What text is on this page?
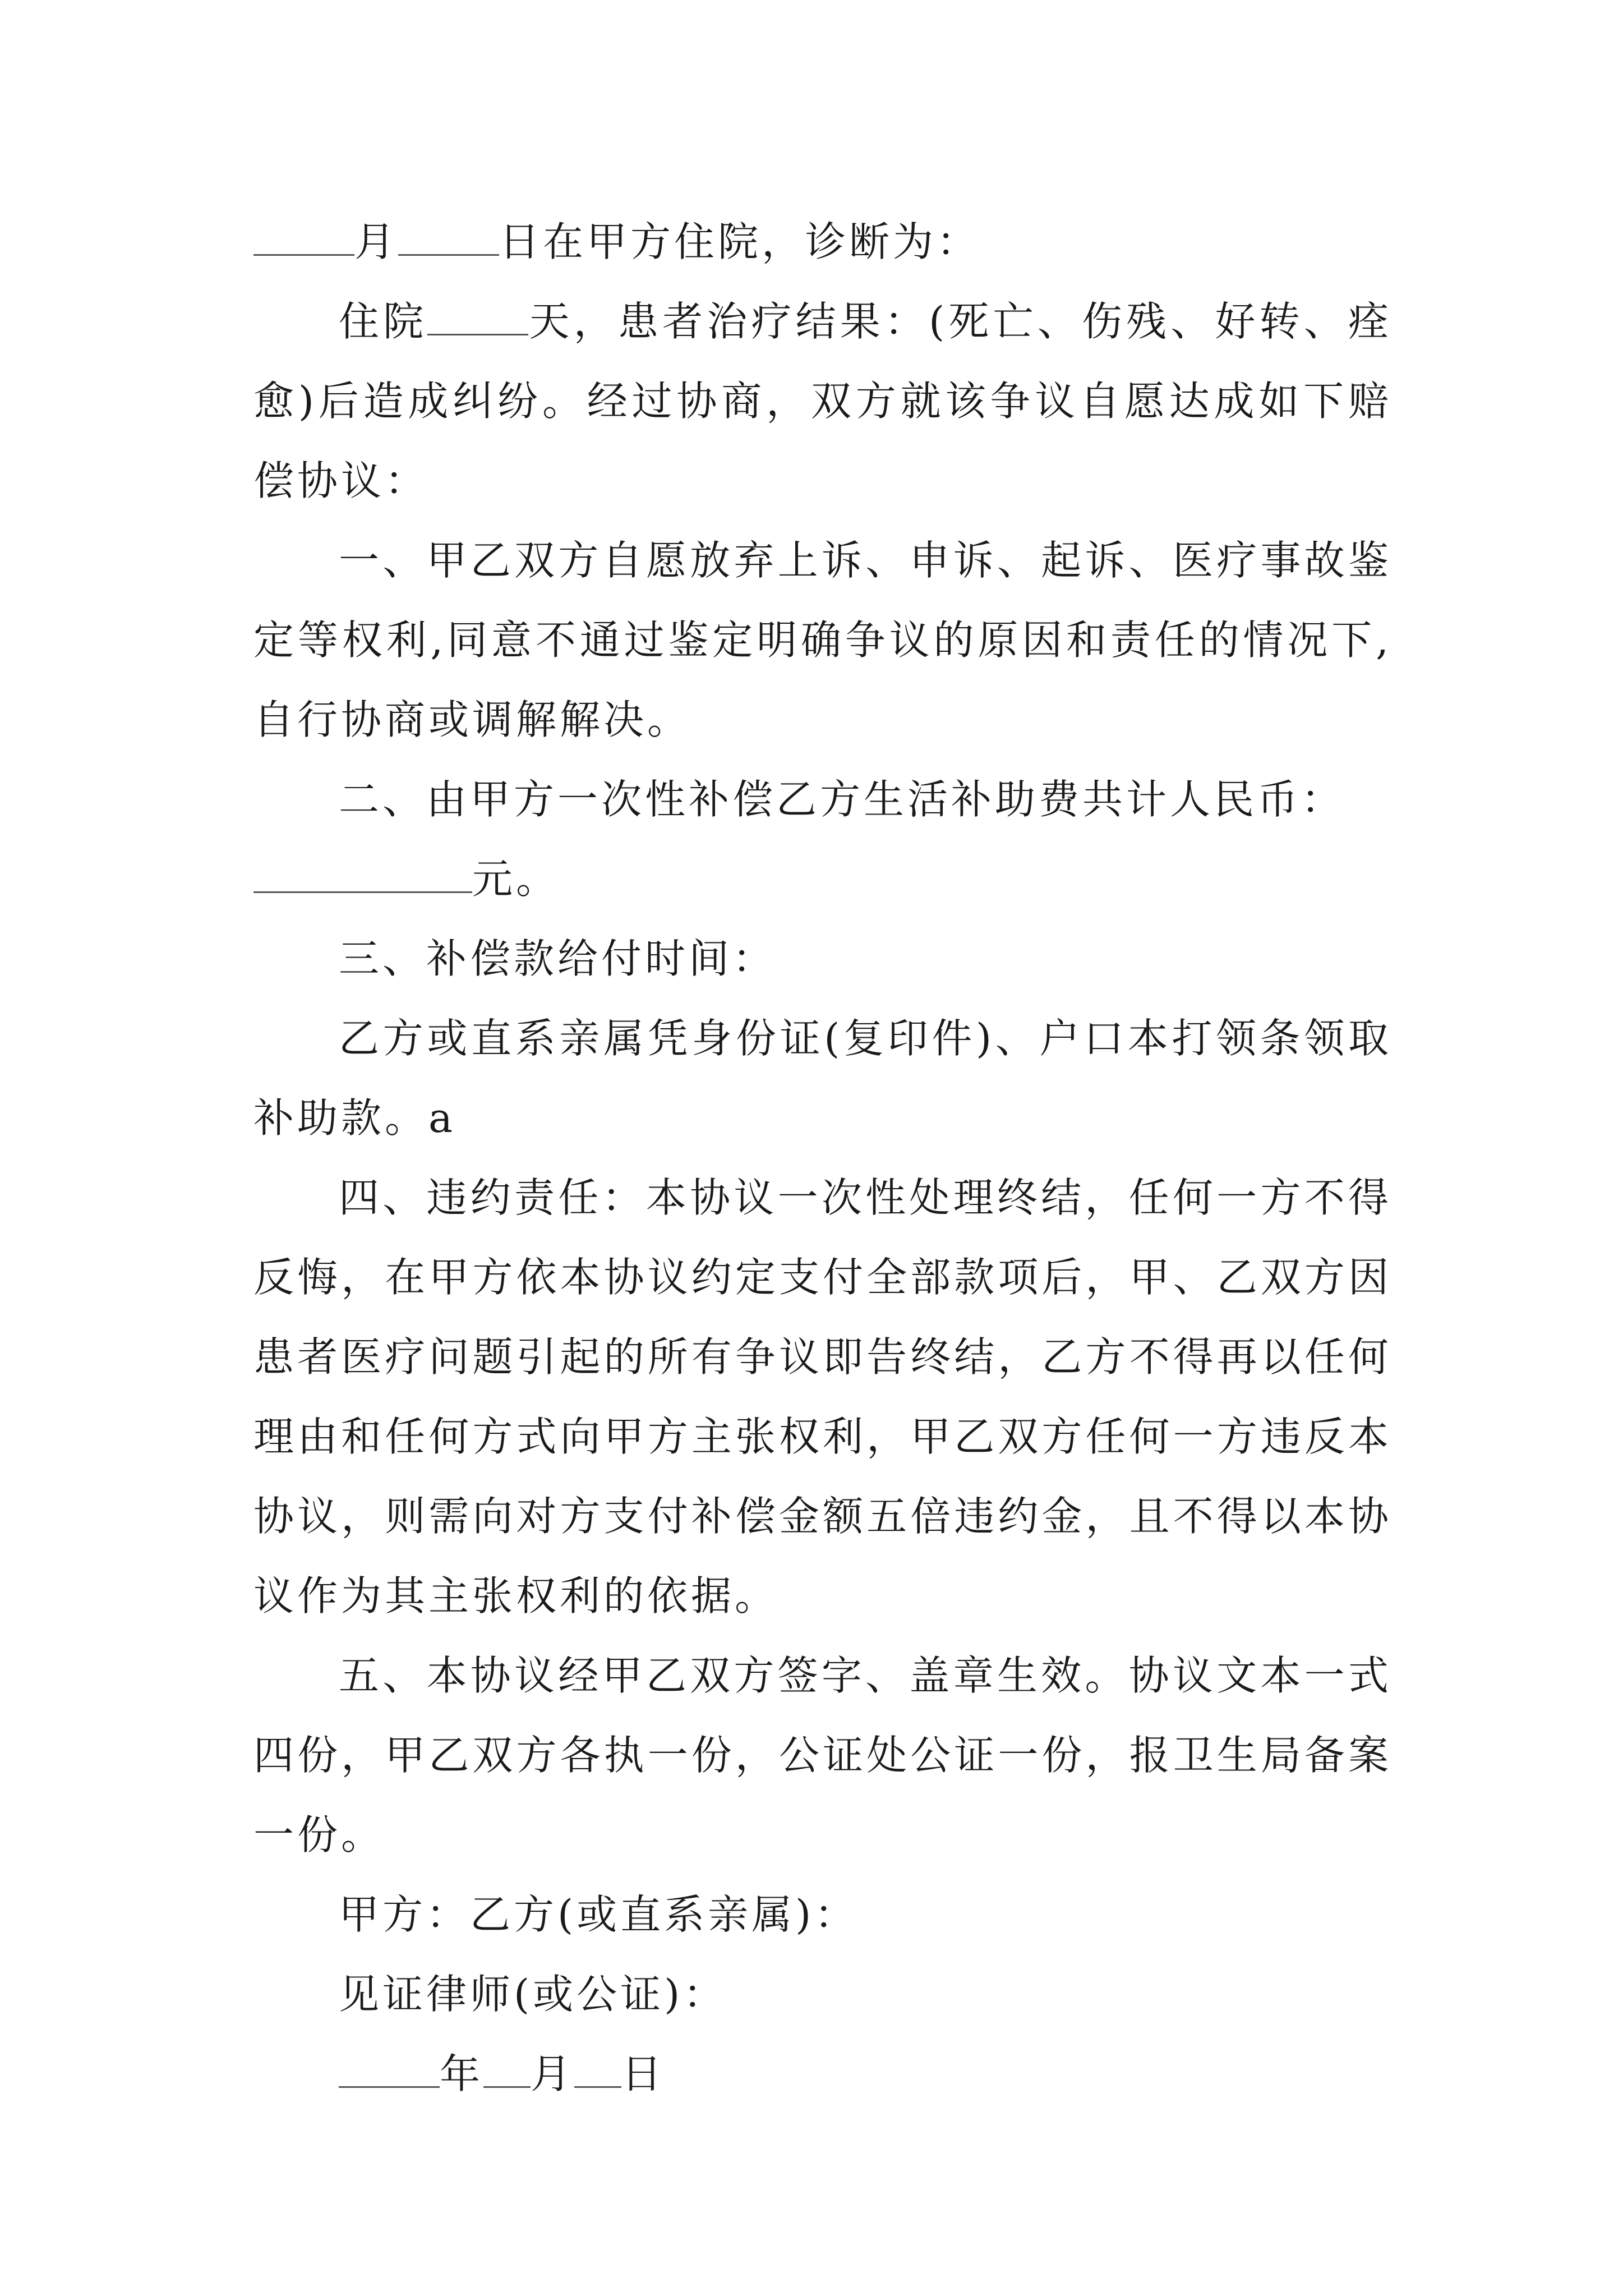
月	日在甲方住院，诊断为：

住院	天，患者治疗结果：(死亡、伤残、好转、痊愈)后造成纠纷。经过协商，双方就该争议自愿达成如下赔偿协议：

一、甲乙双方自愿放弃上诉、申诉、起诉、医疗事故鉴定等权利,同意不通过鉴定明确争议的原因和责任的情况下,自行协商或调解解决。

二、由甲方一次性补偿乙方生活补助费共计人民币：

元。

三、补偿款给付时间：

乙方或直系亲属凭身份证(复印件)、户口本打领条领取补助款。a

四、违约责任：本协议一次性处理终结，任何一方不得反悔，在甲方依本协议约定支付全部款项后，甲、乙双方因患者医疗问题引起的所有争议即告终结，乙方不得再以任何理由和任何方式向甲方主张权利，甲乙双方任何一方违反本协议，则需向对方支付补偿金额五倍违约金，且不得以本协议作为其主张权利的依据。

五、本协议经甲乙双方签字、盖章生效。协议文本一式四份，甲乙双方各执一份，公证处公证一份，报卫生局备案一份。

甲方：乙方(或直系亲属)：

见证律师(或公证)：

年 月 日
